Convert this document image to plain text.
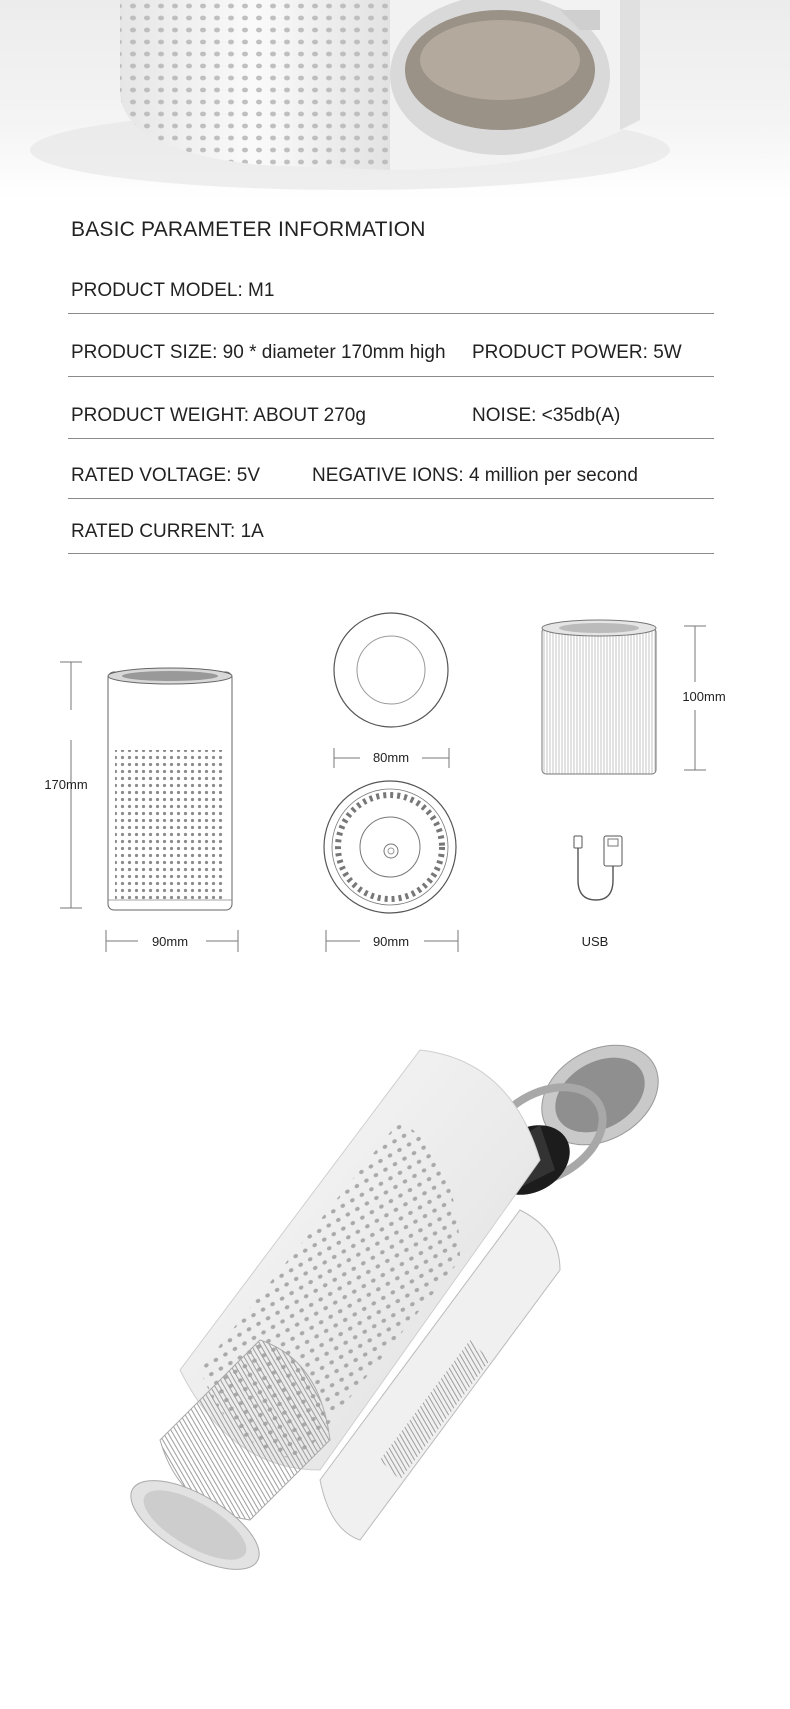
BASIC PARAMETER INFORMATION
PRODUCT MODEL: M1
PRODUCT SIZE: 90 * diameter 170mm high PRODUCT POWER: 5W
PRODUCT WEIGHT: ABOUT 270g	NOISE: <35db(A)
RATED VOLTAGE: 5V	NEGATIVE IONS: 4 million per second
RATED CURRENT: 1A
170mm
90mm
80mm
90mm
100mm
USB
